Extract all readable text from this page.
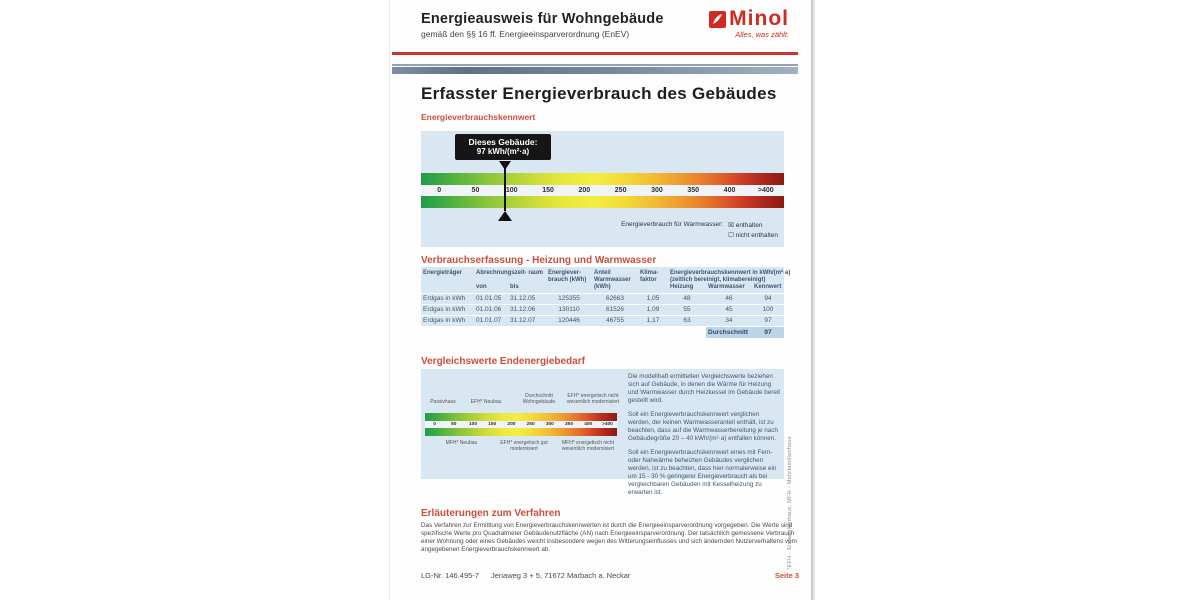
Energieausweis für Wohngebäude
gemäß den §§ 16 ff. Energieeinsparverordnung (EnEV)
Minol
Alles, was zählt.
Erfasster Energieverbrauch des Gebäudes
Energieverbrauchskennwert
Dieses Gebäude:
97 kWh/(m²·a)
0	50	100	150	200	250	300	350	400	>400
Energieverbrauch für Warmwasser: ☒ enthalten
☐ nicht enthalten
Verbrauchserfassung - Heizung und Warmwasser
Energieträger	Abrechnungszeit- raum
von	bis
Energiever- brauch (kWh)
Anteil Warmwasser (kWh)
Klima- faktor
Energieverbrauchskennwert in kWh/(m²·a)
(zeitlich bereinigt, klimabereinigt)
Heizung	Warmwasser	Kennwert
Erdgas in kWh	01.01.05	31.12.05	125355	62663	1,05	48	46	94
Erdgas in kWh	01.01.06	31.12.06	130110	61526	1,09	55	45	100
Erdgas in kWh	01.01.07	31.12.07	120446	46755	1,17	63	34	97
Durchschnitt	97
Vergleichswerte Endenergiebedarf
Passivhaus	EFH* Neubau
Durchschnitt Wohngebäude
EFH* energetisch nicht wesentlich modernisiert
0	50	100	150	200	250	300	350	400	>400
MFH* Neubau	EFH* energetisch gut modernisiert
MFH* energetisch nicht wesentlich modernisiert

Die modellhaft ermittelten Vergleichswerte beziehen sich auf Gebäude, in denen die Wärme für Heizung und Warmwasser durch Heizkessel im Gebäude bereit gestellt wird.

Soll ein Energieverbrauchskennwert verglichen werden, der keinen Warmwasseranteil enthält, ist zu beachten, dass auf die Warmwasserbereitung je nach Gebäudegröße 20 – 40 kWh/(m²·a) entfallen können.

Soll ein Energieverbrauchskennwert eines mit Fern- oder Nahwärme beheizten Gebäudes verglichen werden, ist zu beachten, dass hier normalerweise ein um 15 - 30 % geringerer Energieverbrauch als bei vergleichbaren Gebäuden mit Kesselheizung zu erwarten ist.	*EFH - Einfamilienhaus, MFH - Mehrfamilienhaus
Erläuterungen zum Verfahren
Das Verfahren zur Ermittlung von Energieverbrauchskennwerten ist durch die Energieeinsparverordnung vorgegeben. Die Werte sind spezifische Werte pro Quadratmeter Gebäudenutzfläche (AN) nach Energieeinsparverordnung. Der tatsächlich gemessene Verbrauch einer Wohnung oder eines Gebäudes weicht insbesondere wegen des Witterungseinflusses und sich ändernden Nutzerverhaltens vom angegebenen Energieverbrauchskennwert ab.
LG-Nr. 146.495-7 Jenaweg 3 + 5, 71672 Marbach a. Neckar	Seite 3
